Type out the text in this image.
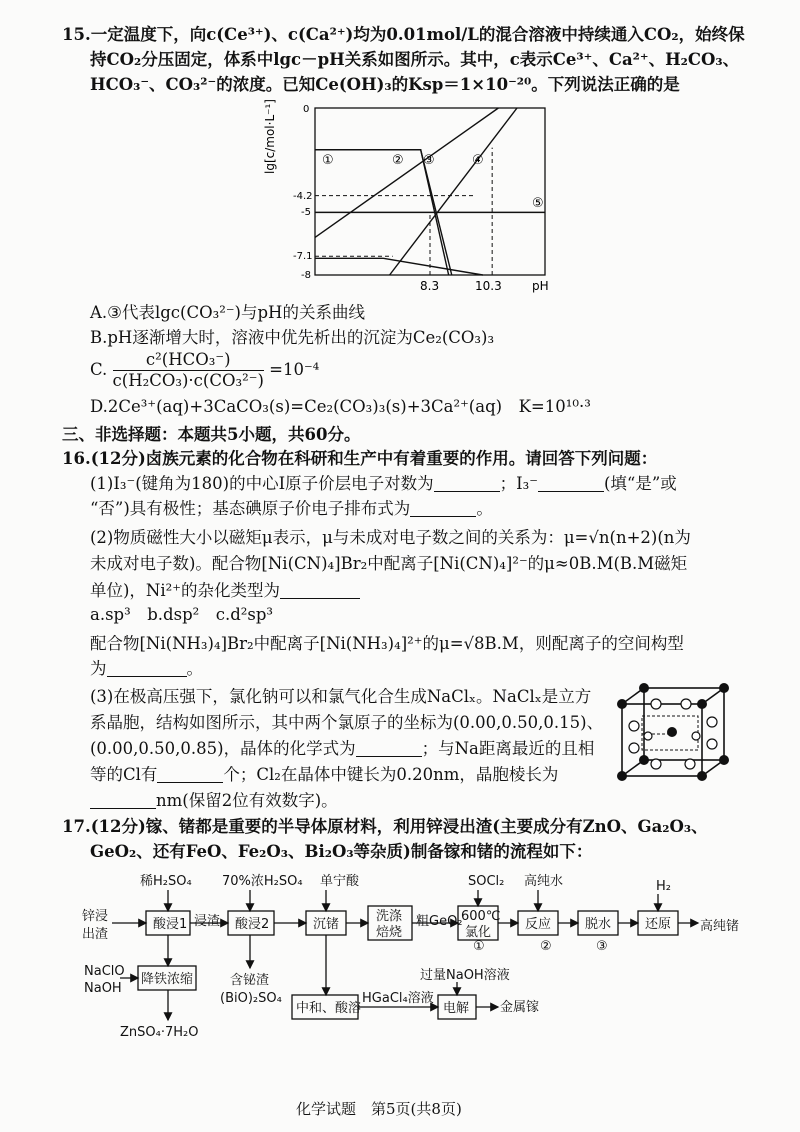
15.一定温度下，向c(Ce³⁺)、c(Ca²⁺)均为0.01mol/L的混合溶液中持续通入CO₂，始终保
持CO₂分压固定，体系中lgc－pH关系如图所示。其中，c表示Ce³⁺、Ca²⁺、H₂CO₃、
HCO₃⁻、CO₃²⁻的浓度。已知Ce(OH)₃的Ksp＝1×10⁻²⁰。下列说法正确的是
lg[c/mol·L⁻¹]	0
-4.2
-5
-7.1
-8
8.3	10.3	pH
①	② ③	④
⑤
A.③代表lgc(CO₃²⁻)与pH的关系曲线
B.pH逐渐增大时，溶液中优先析出的沉淀为Ce₂(CO₃)₃
C. $\frac{\text{c²(HCO₃⁻)}}{\text{c(H₂CO₃)·c(CO₃²⁻)}} =10^{-4}$
D.2Ce³⁺(aq)+3CaCO₃(s)=Ce₂(CO₃)₃(s)+3Ca²⁺(aq)　K=10¹⁰·³
三、非选择题：本题共5小题，共60分。
16.(12分)卤族元素的化合物在科研和生产中有着重要的作用。请回答下列问题：
(1)I₃⁻(键角为180)的中心I原子价层电子对数为	；I₃⁻	(填“是”或
“否”)具有极性；基态碘原子价电子排布式为	。
(2)物质磁性大小以磁矩μ表示，μ与未成对电子数之间的关系为：μ=√n(n+2)(n为
未成对电子数)。配合物[Ni(CN)₄]Br₂中配离子[Ni(CN)₄]²⁻的μ≈0B.M(B.M磁矩
单位)，Ni²⁺的杂化类型为
a.sp³　b.dsp²　c.d²sp³
配合物[Ni(NH₃)₄]Br₂中配离子[Ni(NH₃)₄]²⁺的μ=√8B.M，则配离子的空间构型
为	。
(3)在极高压强下，氯化钠可以和氯气化合生成NaClₓ。NaClₓ是立方
系晶胞，结构如图所示，其中两个氯原子的坐标为(0.00,0.50,0.15)、
(0.00,0.50,0.85)，晶体的化学式为	；与Na距离最近的且相
等的Cl有	个；Cl₂在晶体中键长为0.20nm，晶胞棱长为
nm(保留2位有效数字)。
17.(12分)镓、锗都是重要的半导体原材料，利用锌浸出渣(主要成分有ZnO、Ga₂O₃、
GeO₂、还有FeO、Fe₂O₃、Bi₂O₃等杂质)制备镓和锗的流程如下：
稀H₂SO₄ 70%浓H₂SO₄ 单宁酸	SOCl₂ 高纯水	H₂
锌浸
出渣
浸渣	粗GeO₂	高纯锗
NaClO
NaOH
ZnSO₄·7H₂O
含铋渣
(BiO)₂SO₄	HGaCl₄溶液
过量NaOH溶液
金属镓
①	②	③
酸浸1	酸浸2	沉锗
洗涤
焙烧
600℃
氯化
反应	脱水	还原
降铁浓缩
中和、酸溶	电解
化学试题　第5页(共8页)
